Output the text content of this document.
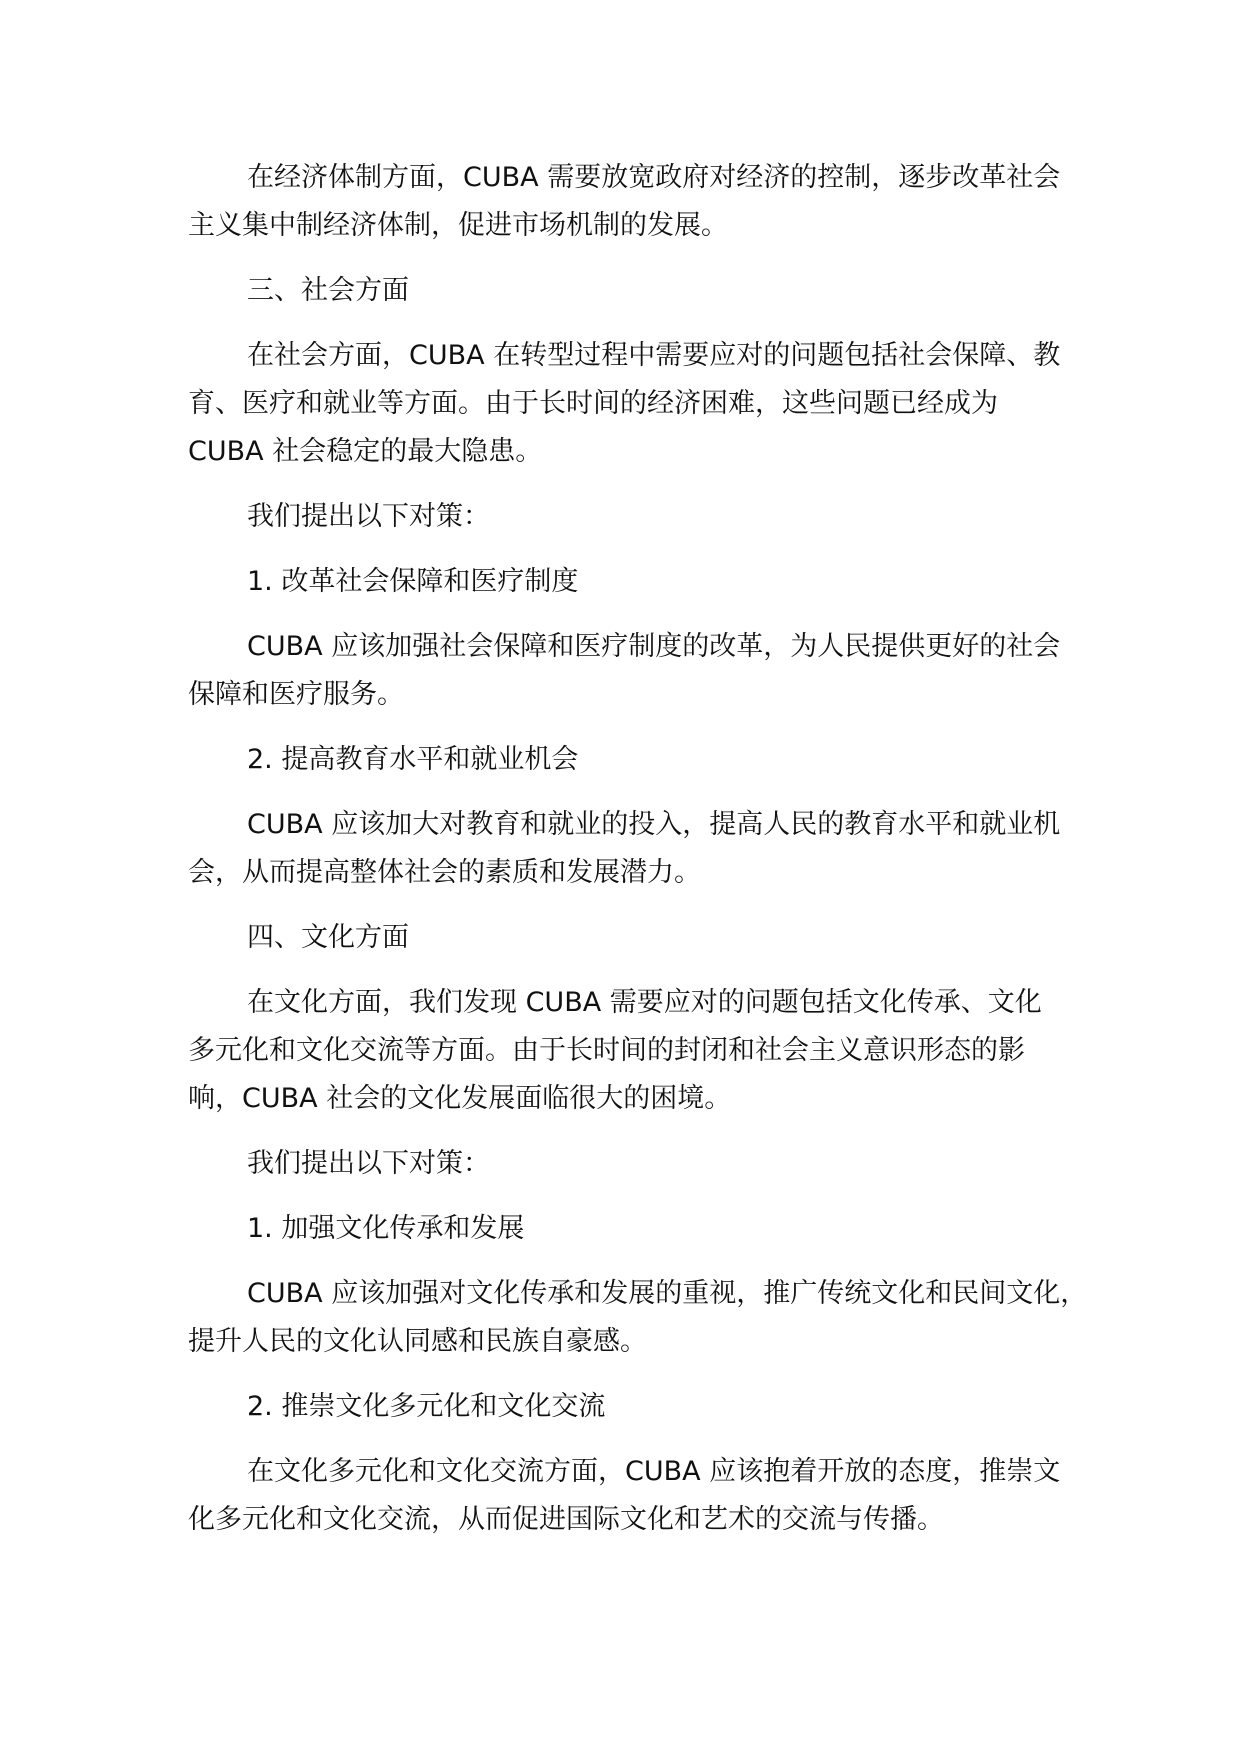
在经济体制方面，CUBA 需要放宽政府对经济的控制，逐步改革社会
主义集中制经济体制，促进市场机制的发展。

三、社会方面

在社会方面，CUBA 在转型过程中需要应对的问题包括社会保障、教
育、医疗和就业等方面。由于长时间的经济困难，这些问题已经成为
CUBA 社会稳定的最大隐患。

我们提出以下对策：

1. 改革社会保障和医疗制度

CUBA 应该加强社会保障和医疗制度的改革，为人民提供更好的社会
保障和医疗服务。

2. 提高教育水平和就业机会

CUBA 应该加大对教育和就业的投入，提高人民的教育水平和就业机
会，从而提高整体社会的素质和发展潜力。

四、文化方面

在文化方面，我们发现 CUBA 需要应对的问题包括文化传承、文化
多元化和文化交流等方面。由于长时间的封闭和社会主义意识形态的影
响，CUBA 社会的文化发展面临很大的困境。

我们提出以下对策：

1. 加强文化传承和发展

CUBA 应该加强对文化传承和发展的重视，推广传统文化和民间文化，
提升人民的文化认同感和民族自豪感。

2. 推崇文化多元化和文化交流

在文化多元化和文化交流方面，CUBA 应该抱着开放的态度，推崇文
化多元化和文化交流，从而促进国际文化和艺术的交流与传播。
